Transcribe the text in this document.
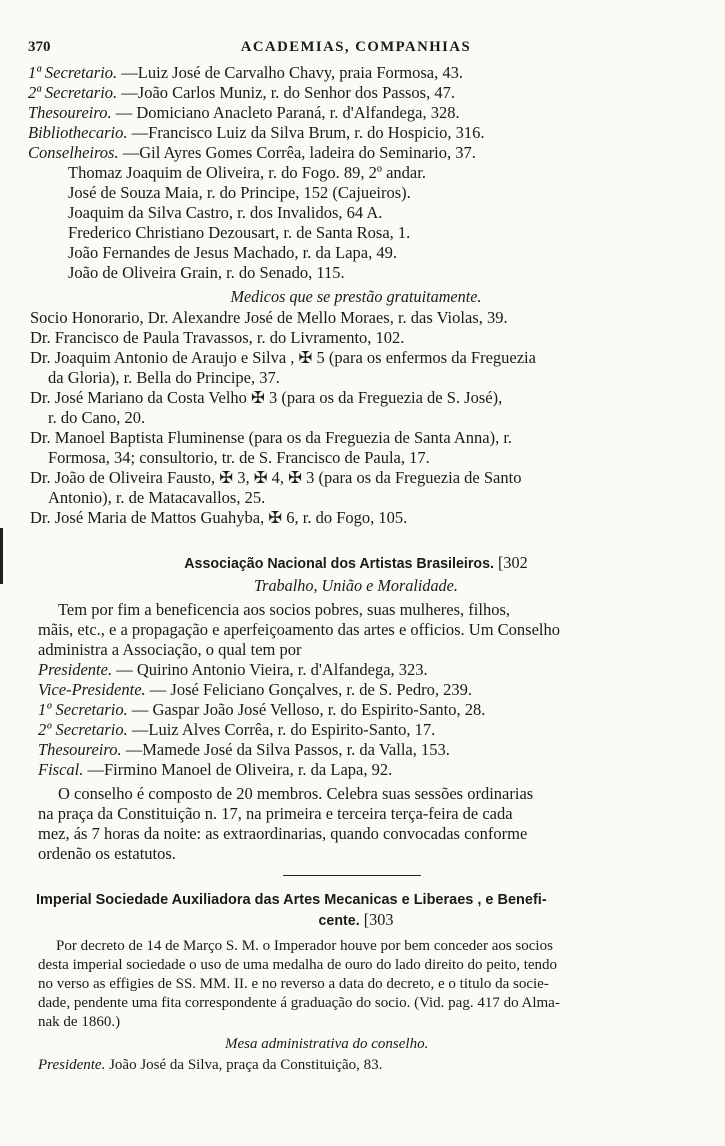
370	ACADEMIAS, COMPANHIAS
1ª Secretario. —Luiz José de Carvalho Chavy, praia Formosa, 43.
2ª Secretario. —João Carlos Muniz, r. do Senhor dos Passos, 47.
Thesoureiro. — Domiciano Anacleto Paraná, r. d'Alfandega, 328.
Bibliothecario. —Francisco Luiz da Silva Brum, r. do Hospicio, 316.
Conselheiros. —Gil Ayres Gomes Corrêa, ladeira do Seminario, 37.
Thomaz Joaquim de Oliveira, r. do Fogo. 89, 2º andar.
José de Souza Maia, r. do Principe, 152 (Cajueiros).
Joaquim da Silva Castro, r. dos Invalidos, 64 A.
Frederico Christiano Dezousart, r. de Santa Rosa, 1.
João Fernandes de Jesus Machado, r. da Lapa, 49.
João de Oliveira Grain, r. do Senado, 115.
Medicos que se prestão gratuitamente.
Socio Honorario, Dr. Alexandre José de Mello Moraes, r. das Violas, 39.
Dr. Francisco de Paula Travassos, r. do Livramento, 102.
Dr. Joaquim Antonio de Araujo e Silva , ✠ 5 (para os enfermos da Freguezia
da Gloria), r. Bella do Principe, 37.
Dr. José Mariano da Costa Velho ✠ 3 (para os da Freguezia de S. José),
r. do Cano, 20.
Dr. Manoel Baptista Fluminense (para os da Freguezia de Santa Anna), r.
Formosa, 34; consultorio, tr. de S. Francisco de Paula, 17.
Dr. João de Oliveira Fausto, ✠ 3, ✠ 4, ✠ 3 (para os da Freguezia de Santo
Antonio), r. de Matacavallos, 25.
Dr. José Maria de Mattos Guahyba, ✠ 6, r. do Fogo, 105.
Associação Nacional dos Artistas Brasileiros. [302
Trabalho, União e Moralidade.
Tem por fim a beneficencia aos socios pobres, suas mulheres, filhos,
mãis, etc., e a propagação e aperfeiçoamento das artes e officios. Um Conselho
administra a Associação, o qual tem por
Presidente. — Quirino Antonio Vieira, r. d'Alfandega, 323.
Vice-Presidente. — José Feliciano Gonçalves, r. de S. Pedro, 239.
1º Secretario. — Gaspar João José Velloso, r. do Espirito-Santo, 28.
2º Secretario. —Luiz Alves Corrêa, r. do Espirito-Santo, 17.
Thesoureiro. —Mamede José da Silva Passos, r. da Valla, 153.
Fiscal. —Firmino Manoel de Oliveira, r. da Lapa, 92.
O conselho é composto de 20 membros. Celebra suas sessões ordinarias
na praça da Constituição n. 17, na primeira e terceira terça-feira de cada
mez, ás 7 horas da noite: as extraordinarias, quando convocadas conforme
ordenão os estatutos.
Imperial Sociedade Auxiliadora das Artes Mecanicas e Liberaes , e Benefi-
cente. [303
Por decreto de 14 de Março S. M. o Imperador houve por bem conceder aos socios
desta imperial sociedade o uso de uma medalha de ouro do lado direito do peito, tendo
no verso as effigies de SS. MM. II. e no reverso a data do decreto, e o titulo da socie-
dade, pendente uma fita correspondente á graduação do socio. (Vid. pag. 417 do Alma-
nak de 1860.)
Mesa administrativa do conselho.
Presidente. João José da Silva, praça da Constituição, 83.
